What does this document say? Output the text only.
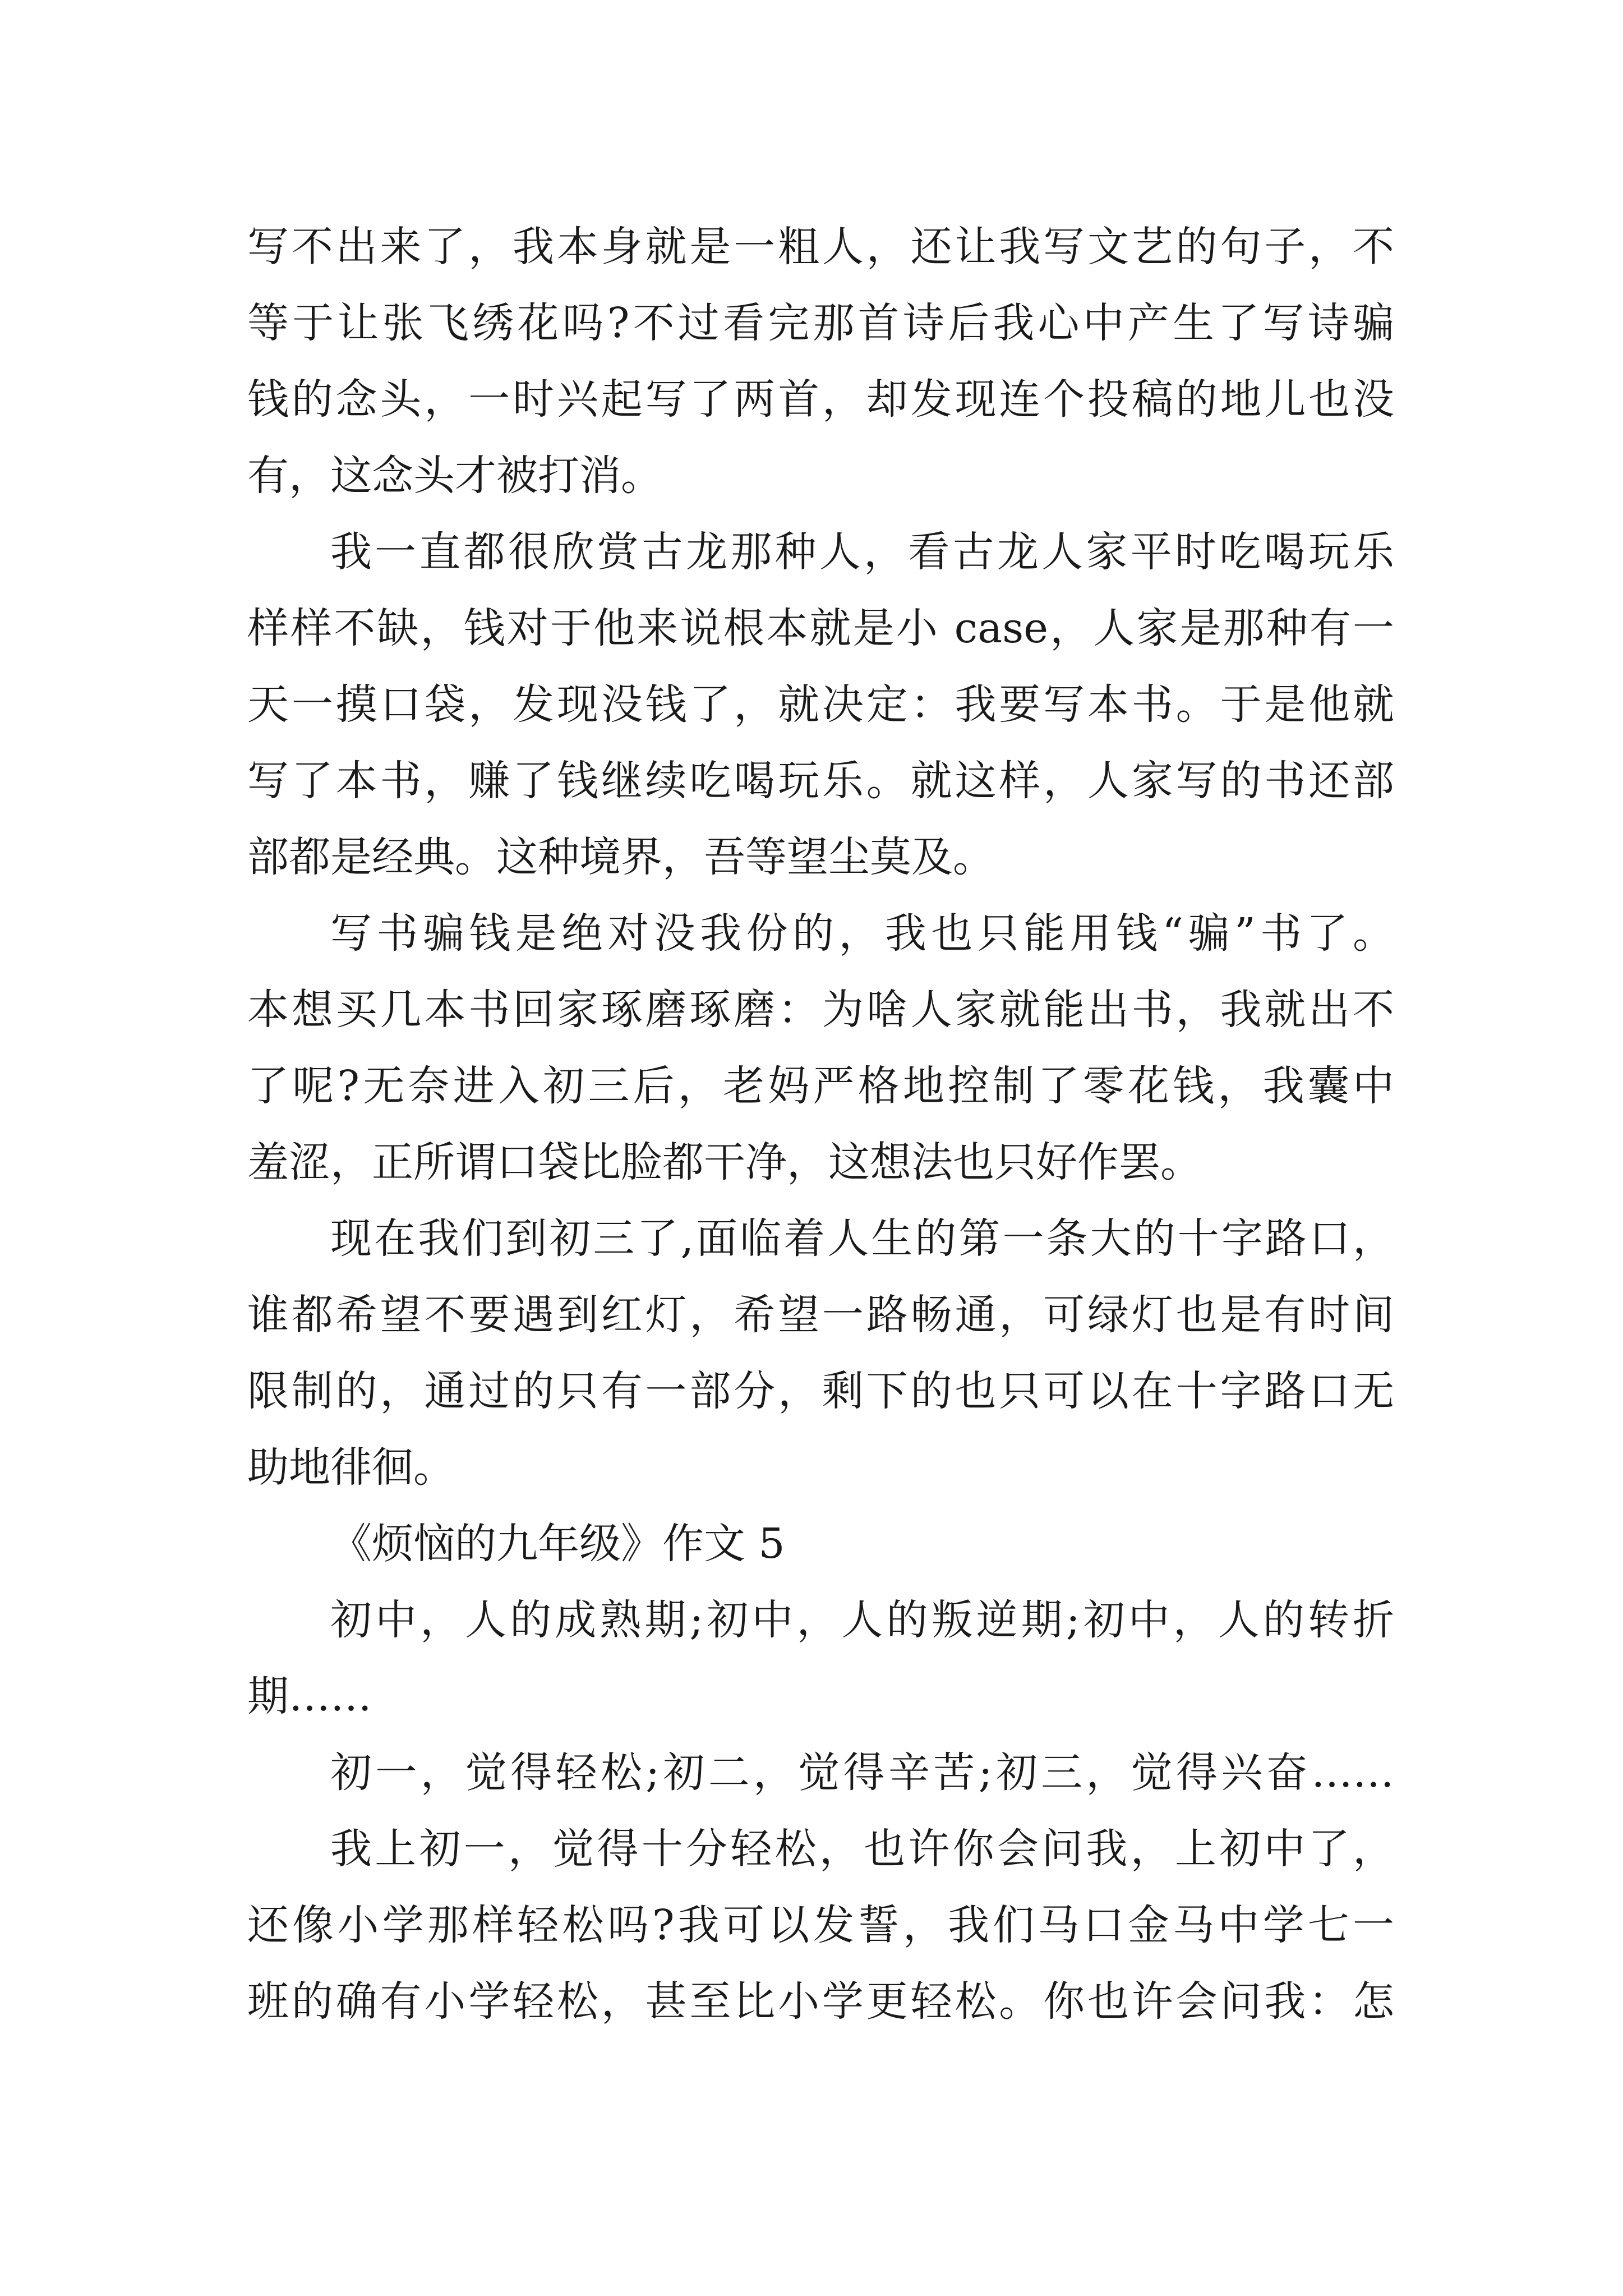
写不出来了，我本身就是一粗人，还让我写文艺的句子，不
等于让张飞绣花吗?不过看完那首诗后我心中产生了写诗骗
钱的念头，一时兴起写了两首，却发现连个投稿的地儿也没
有，这念头才被打消。
我一直都很欣赏古龙那种人，看古龙人家平时吃喝玩乐
样样不缺，钱对于他来说根本就是小 case，人家是那种有一
天一摸口袋，发现没钱了，就决定：我要写本书。于是他就
写了本书，赚了钱继续吃喝玩乐。就这样，人家写的书还部
部都是经典。这种境界，吾等望尘莫及。
写书骗钱是绝对没我份的，我也只能用钱“骗”书了。
本想买几本书回家琢磨琢磨：为啥人家就能出书，我就出不
了呢?无奈进入初三后，老妈严格地控制了零花钱，我囊中
羞涩，正所谓口袋比脸都干净，这想法也只好作罢。
现在我们到初三了,面临着人生的第一条大的十字路口，
谁都希望不要遇到红灯，希望一路畅通，可绿灯也是有时间
限制的，通过的只有一部分，剩下的也只可以在十字路口无
助地徘徊。
《烦恼的九年级》作文 5
初中，人的成熟期;初中，人的叛逆期;初中，人的转折
期……
初一，觉得轻松;初二，觉得辛苦;初三，觉得兴奋……
我上初一，觉得十分轻松，也许你会问我，上初中了，
还像小学那样轻松吗?我可以发誓，我们马口金马中学七一
班的确有小学轻松，甚至比小学更轻松。你也许会问我：怎
